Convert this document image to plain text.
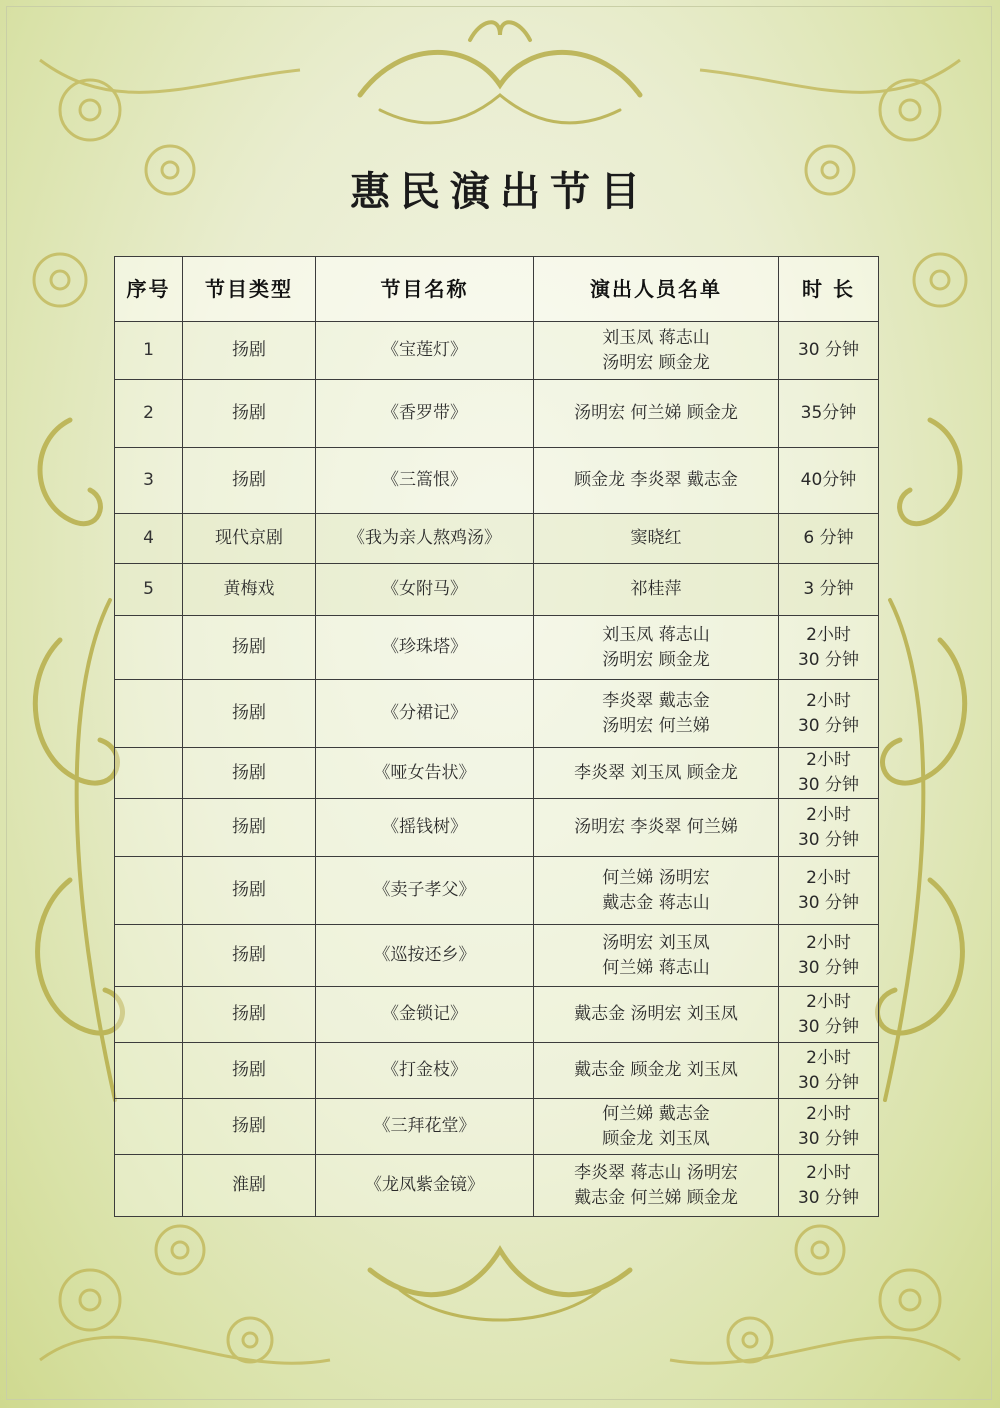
惠民演出节目
序号	节目类型	节目名称	演出人员名单	时 长
1	扬剧	《宝莲灯》	刘玉凤 蒋志山
汤明宏 顾金龙	30 分钟

2	扬剧	《香罗带》	汤明宏 何兰娣 顾金龙	35分钟

3	扬剧	《三篙恨》	顾金龙 李炎翠 戴志金	40分钟

4	现代京剧	《我为亲人熬鸡汤》	窦晓红	6 分钟

5	黄梅戏	《女附马》	祁桂萍	3 分钟

	扬剧	《珍珠塔》	刘玉凤 蒋志山
汤明宏 顾金龙	2小时
30 分钟

	扬剧	《分裙记》	李炎翠 戴志金
汤明宏 何兰娣	2小时
30 分钟

	扬剧	《哑女告状》	李炎翠 刘玉凤 顾金龙	2小时
30 分钟

	扬剧	《摇钱树》	汤明宏 李炎翠 何兰娣	2小时
30 分钟

	扬剧	《卖子孝父》	何兰娣 汤明宏
戴志金 蒋志山	2小时
30 分钟

	扬剧	《巡按还乡》	汤明宏 刘玉凤
何兰娣 蒋志山	2小时
30 分钟

	扬剧	《金锁记》	戴志金 汤明宏 刘玉凤	2小时
30 分钟

	扬剧	《打金枝》	戴志金 顾金龙 刘玉凤	2小时
30 分钟

	扬剧	《三拜花堂》	何兰娣 戴志金
顾金龙 刘玉凤	2小时
30 分钟

	淮剧	《龙凤紫金镜》	李炎翠 蒋志山 汤明宏
戴志金 何兰娣 顾金龙	2小时
30 分钟
